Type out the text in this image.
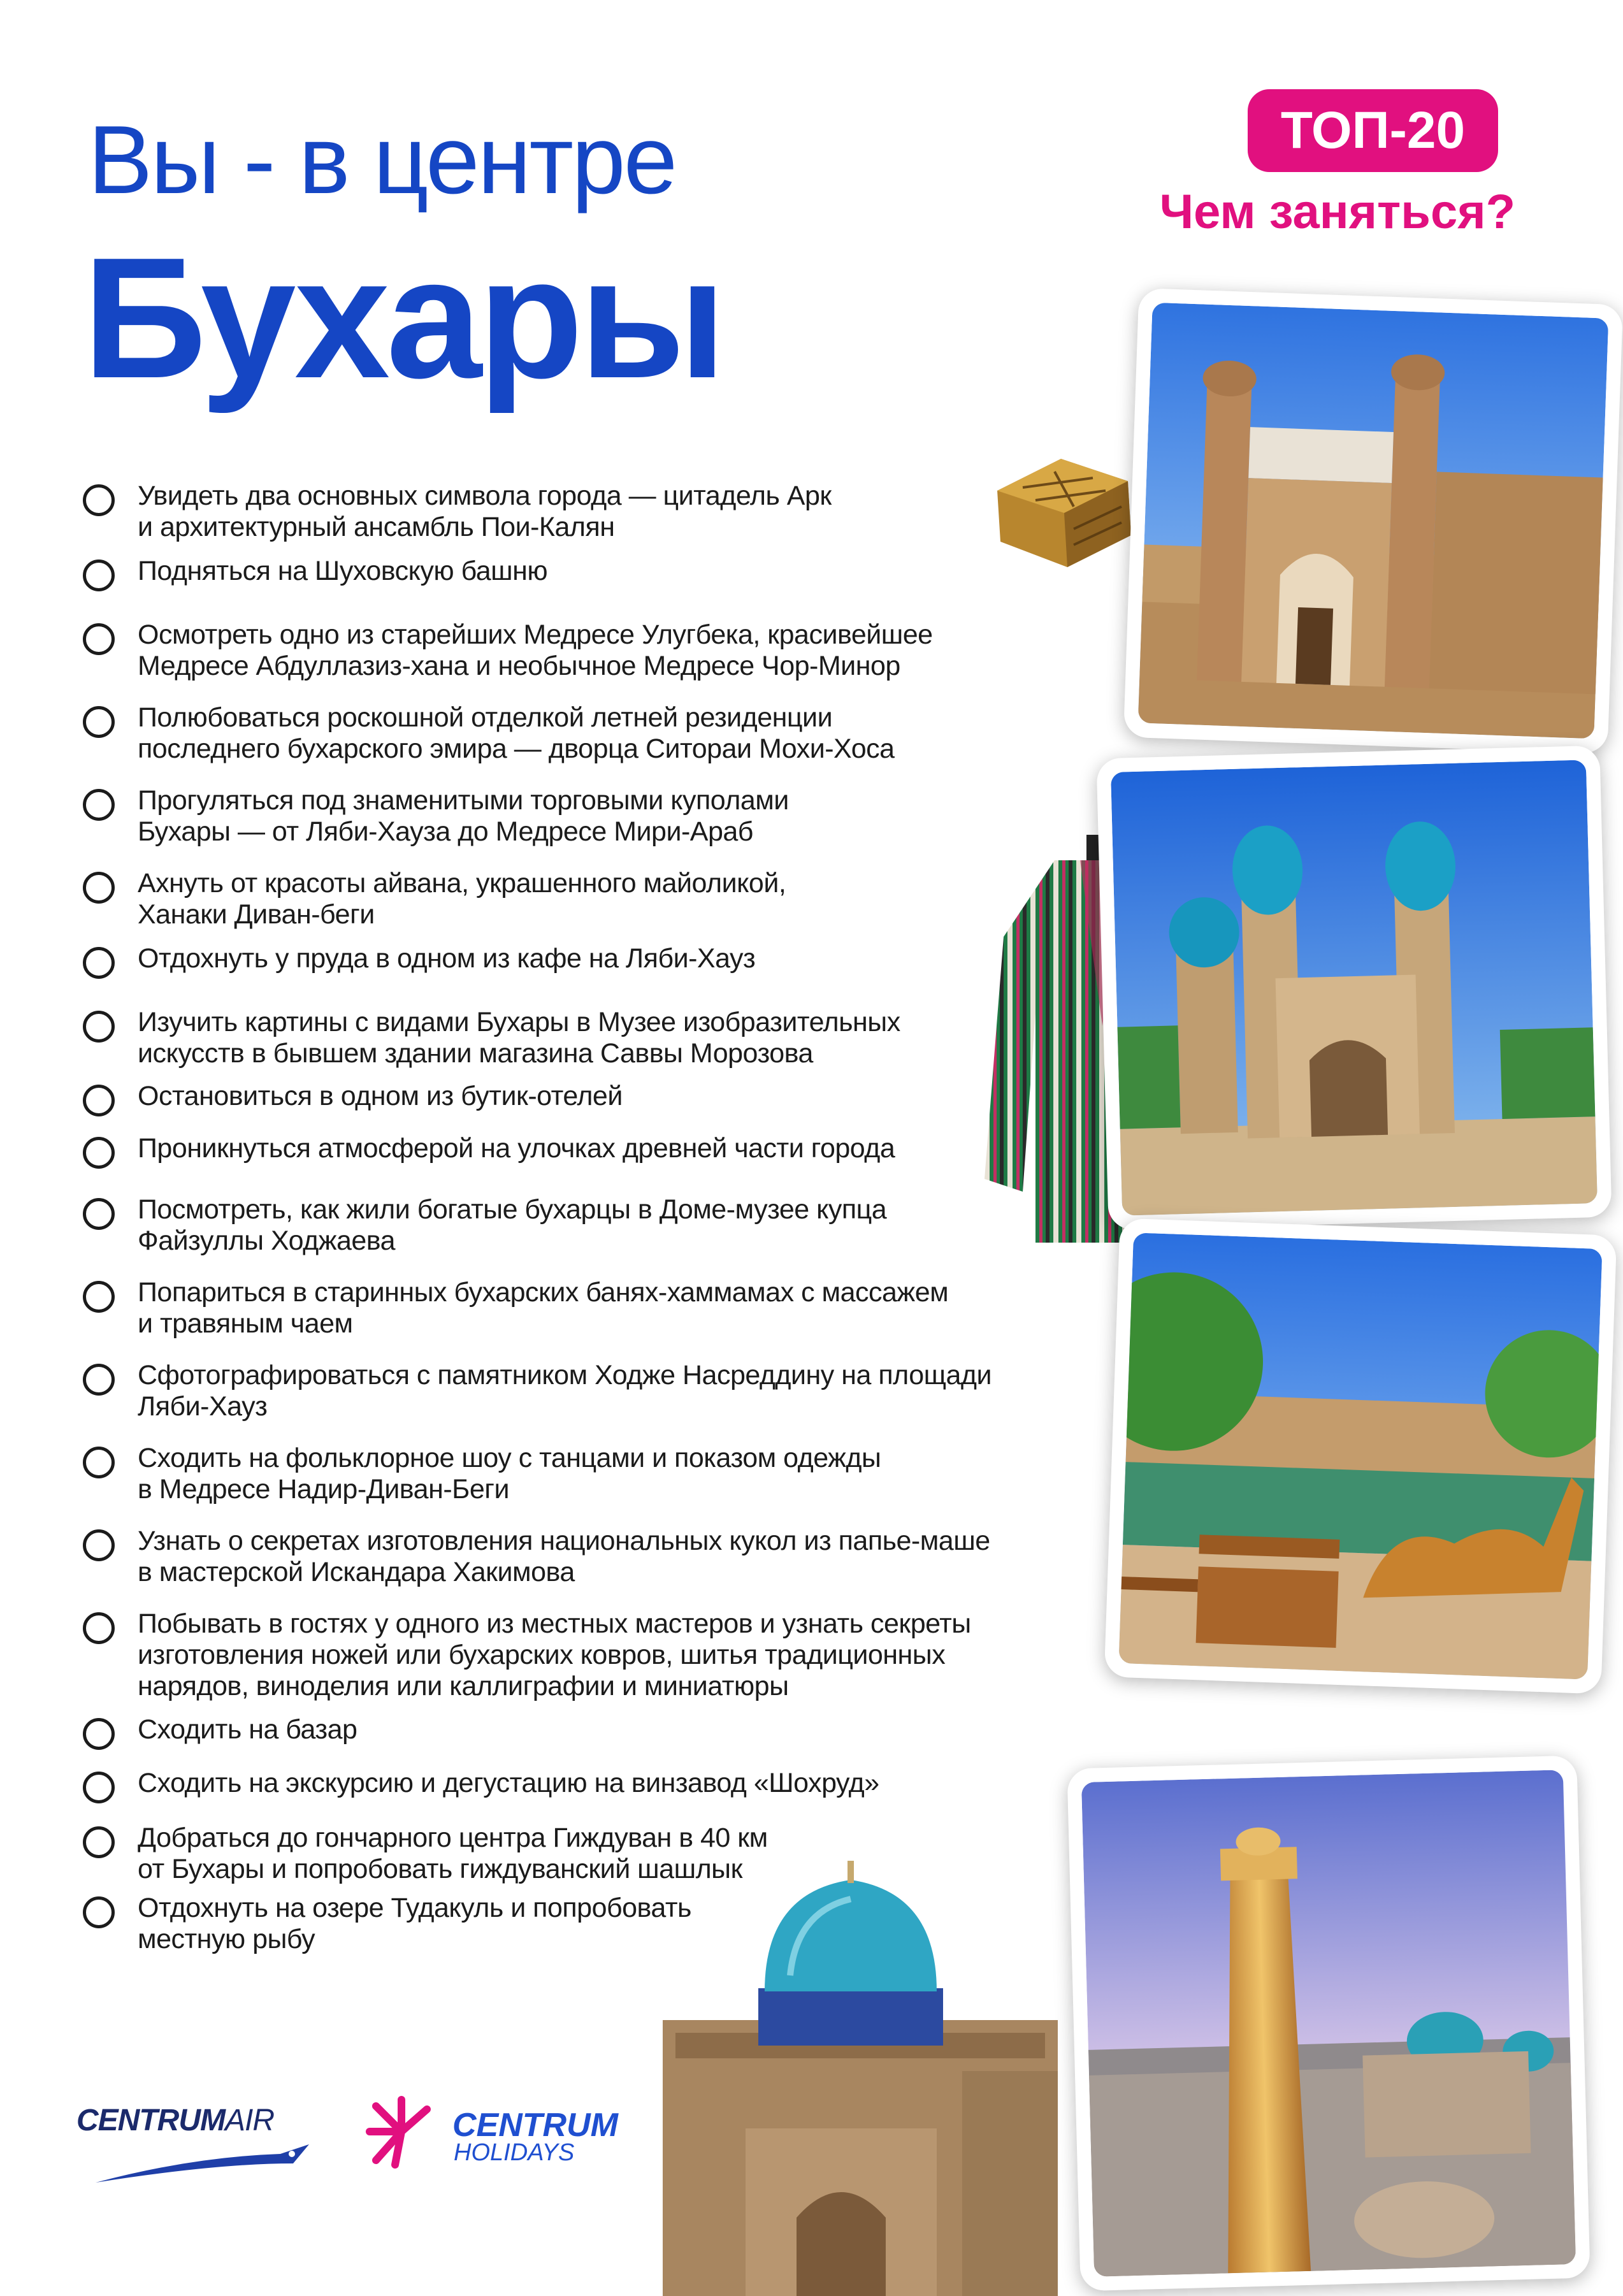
Вы - в центре
Бухары
ТОП-20
Чем заняться?
Увидеть два основных символа города — цитадель Арк
и архитектурный ансамбль Пои-Калян
Подняться на Шуховскую башню
Осмотреть одно из старейших Медресе Улугбека, красивейшее
Медресе Абдуллазиз-хана и необычное Медресе Чор-Минор
Полюбоваться роскошной отделкой летней резиденции
последнего бухарского эмира — дворца Ситораи Мохи-Хоса
Прогуляться под знаменитыми торговыми куполами
Бухары — от Ляби-Хауза до Медресе Мири-Араб
Ахнуть от красоты айвана, украшенного майоликой,
Ханаки Диван-беги
Отдохнуть у пруда в одном из кафе на Ляби-Хауз
Изучить картины с видами Бухары в Музее изобразительных
искусств в бывшем здании магазина Саввы Морозова
Остановиться в одном из бутик-отелей
Проникнуться атмосферой на улочках древней части города
Посмотреть, как жили богатые бухарцы в Доме-музее купца
Файзуллы Ходжаева
Попариться в старинных бухарских банях-хаммамах с массажем
и травяным чаем
Сфотографироваться с памятником Ходже Насреддину на площади
Ляби-Хауз
Сходить на фольклорное шоу с танцами и показом одежды
в Медресе Надир-Диван-Беги
Узнать о секретах изготовления национальных кукол из папье-маше
в мастерской Искандара Хакимова
Побывать в гостях у одного из местных мастеров и узнать секреты
изготовления ножей или бухарских ковров, шитья традиционных
нарядов, виноделия или каллиграфии и миниатюры
Сходить на базар
Сходить на экскурсию и дегустацию на винзавод «Шохруд»
Добраться до гончарного центра Гиждуван в 40 км
от Бухары и попробовать гиждуванский шашлык
Отдохнуть на озере Тудакуль и попробовать
местную рыбу
CENTRUMAIR	CENTRUM
HOLIDAYS
